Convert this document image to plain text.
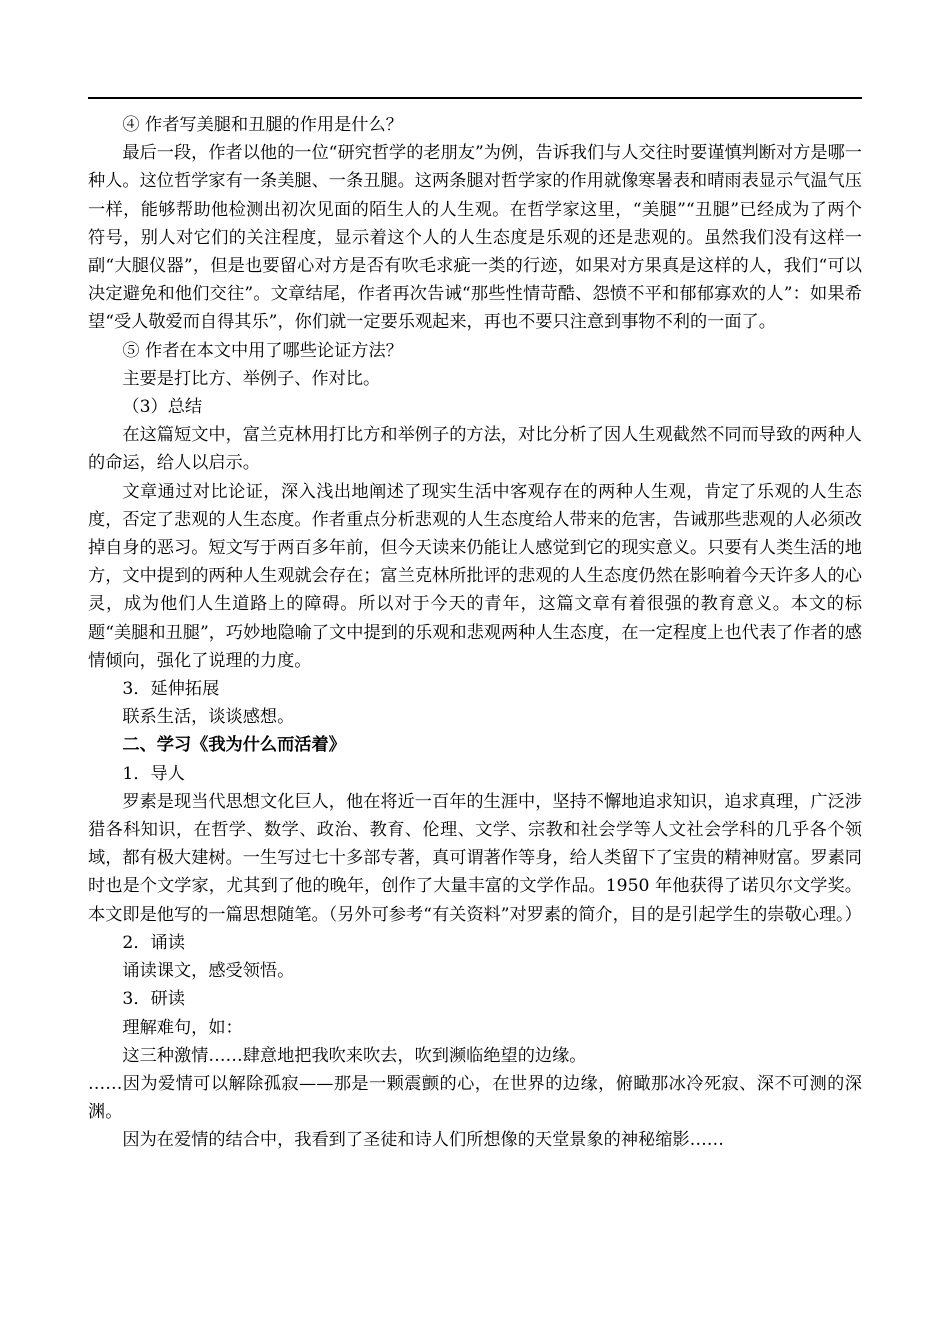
④ 作者写美腿和丑腿的作用是什么？

最后一段，作者以他的一位“研究哲学的老朋友”为例，告诉我们与人交往时要谨慎判断对方是哪一种人。这位哲学家有一条美腿、一条丑腿。这两条腿对哲学家的作用就像寒暑表和晴雨表显示气温气压一样，能够帮助他检测出初次见面的陌生人的人生观。在哲学家这里，“美腿”“丑腿”已经成为了两个符号，别人对它们的关注程度，显示着这个人的人生态度是乐观的还是悲观的。虽然我们没有这样一副“大腿仪器”，但是也要留心对方是否有吹毛求疵一类的行迹，如果对方果真是这样的人，我们“可以决定避免和他们交往”。文章结尾，作者再次告诫“那些性情苛酷、怨愤不平和郁郁寡欢的人”：如果希望“受人敬爱而自得其乐”，你们就一定要乐观起来，再也不要只注意到事物不利的一面了。

⑤ 作者在本文中用了哪些论证方法？

主要是打比方、举例子、作对比。

（3）总结

在这篇短文中，富兰克林用打比方和举例子的方法，对比分析了因人生观截然不同而导致的两种人的命运，给人以启示。

文章通过对比论证，深入浅出地阐述了现实生活中客观存在的两种人生观，肯定了乐观的人生态度，否定了悲观的人生态度。作者重点分析悲观的人生态度给人带来的危害，告诫那些悲观的人必须改掉自身的恶习。短文写于两百多年前，但今天读来仍能让人感觉到它的现实意义。只要有人类生活的地方，文中提到的两种人生观就会存在；富兰克林所批评的悲观的人生态度仍然在影响着今天许多人的心灵，成为他们人生道路上的障碍。所以对于今天的青年，这篇文章有着很强的教育意义。本文的标题“美腿和丑腿”，巧妙地隐喻了文中提到的乐观和悲观两种人生态度，在一定程度上也代表了作者的感情倾向，强化了说理的力度。

3．延伸拓展

联系生活，谈谈感想。

二、学习《我为什么而活着》

1．导人

罗素是现当代思想文化巨人，他在将近一百年的生涯中，坚持不懈地追求知识，追求真理，广泛涉猎各科知识，在哲学、数学、政治、教育、伦理、文学、宗教和社会学等人文社会学科的几乎各个领域，都有极大建树。一生写过七十多部专著，真可谓著作等身，给人类留下了宝贵的精神财富。罗素同时也是个文学家，尤其到了他的晚年，创作了大量丰富的文学作品。1950 年他获得了诺贝尔文学奖。本文即是他写的一篇思想随笔。（另外可参考“有关资料”对罗素的简介，目的是引起学生的崇敬心理。）

2．诵读

诵读课文，感受领悟。

3．研读

理解难句，如：

这三种激情……肆意地把我吹来吹去，吹到濒临绝望的边缘。

……因为爱情可以解除孤寂——那是一颗震颤的心，在世界的边缘，俯瞰那冰冷死寂、深不可测的深渊。

因为在爱情的结合中，我看到了圣徒和诗人们所想像的天堂景象的神秘缩影……
